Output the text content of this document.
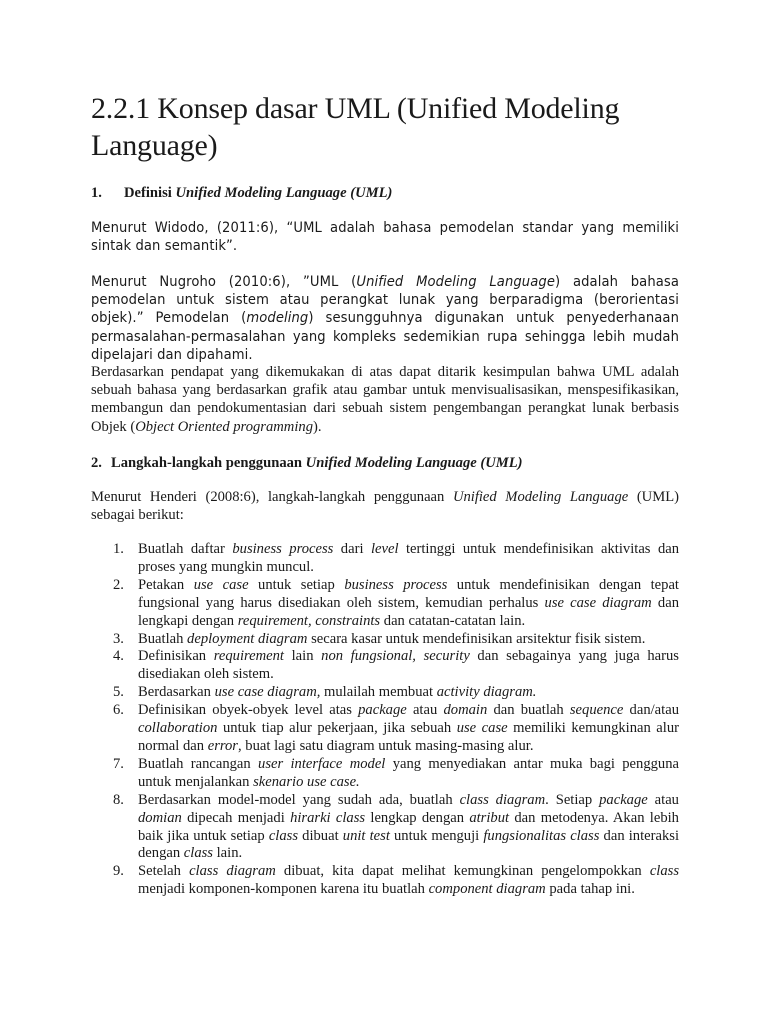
2.2.1 Konsep dasar UML (Unified Modeling Language)
1. Definisi Unified Modeling Language (UML)

Menurut Widodo, (2011:6), “UML adalah bahasa pemodelan standar yang memiliki sintak dan semantik”.

Menurut Nugroho (2010:6), ”UML (Unified Modeling Language) adalah bahasa pemodelan untuk sistem atau perangkat lunak yang berparadigma (berorientasi objek).” Pemodelan (modeling) sesungguhnya digunakan untuk penyederhanaan permasalahan-permasalahan yang kompleks sedemikian rupa sehingga lebih mudah dipelajari dan dipahami.

Berdasarkan pendapat yang dikemukakan di atas dapat ditarik kesimpulan bahwa UML adalah sebuah bahasa yang berdasarkan grafik atau gambar untuk menvisualisasikan, menspesifikasikan, membangun dan pendokumentasian dari sebuah sistem pengembangan perangkat lunak berbasis Objek (Object Oriented programming).

2. Langkah-langkah penggunaan Unified Modeling Language (UML)

Menurut Henderi (2008:6), langkah-langkah penggunaan Unified Modeling Language (UML) sebagai berikut:

1. Buatlah daftar business process dari level tertinggi untuk mendefinisikan aktivitas dan proses yang mungkin muncul.
2. Petakan use case untuk setiap business process untuk mendefinisikan dengan tepat fungsional yang harus disediakan oleh sistem, kemudian perhalus use case diagram dan lengkapi dengan requirement, constraints dan catatan-catatan lain.
3. Buatlah deployment diagram secara kasar untuk mendefinisikan arsitektur fisik sistem.
4. Definisikan requirement lain non fungsional, security dan sebagainya yang juga harus disediakan oleh sistem.
5. Berdasarkan use case diagram, mulailah membuat activity diagram.
6. Definisikan obyek-obyek level atas package atau domain dan buatlah sequence dan/atau collaboration untuk tiap alur pekerjaan, jika sebuah use case memiliki kemungkinan alur normal dan error, buat lagi satu diagram untuk masing-masing alur.
7. Buatlah rancangan user interface model yang menyediakan antar muka bagi pengguna untuk menjalankan skenario use case.
8. Berdasarkan model-model yang sudah ada, buatlah class diagram. Setiap package atau domian dipecah menjadi hirarki class lengkap dengan atribut dan metodenya. Akan lebih baik jika untuk setiap class dibuat unit test untuk menguji fungsionalitas class dan interaksi dengan class lain.
9. Setelah class diagram dibuat, kita dapat melihat kemungkinan pengelompokkan class menjadi komponen-komponen karena itu buatlah component diagram pada tahap ini.
